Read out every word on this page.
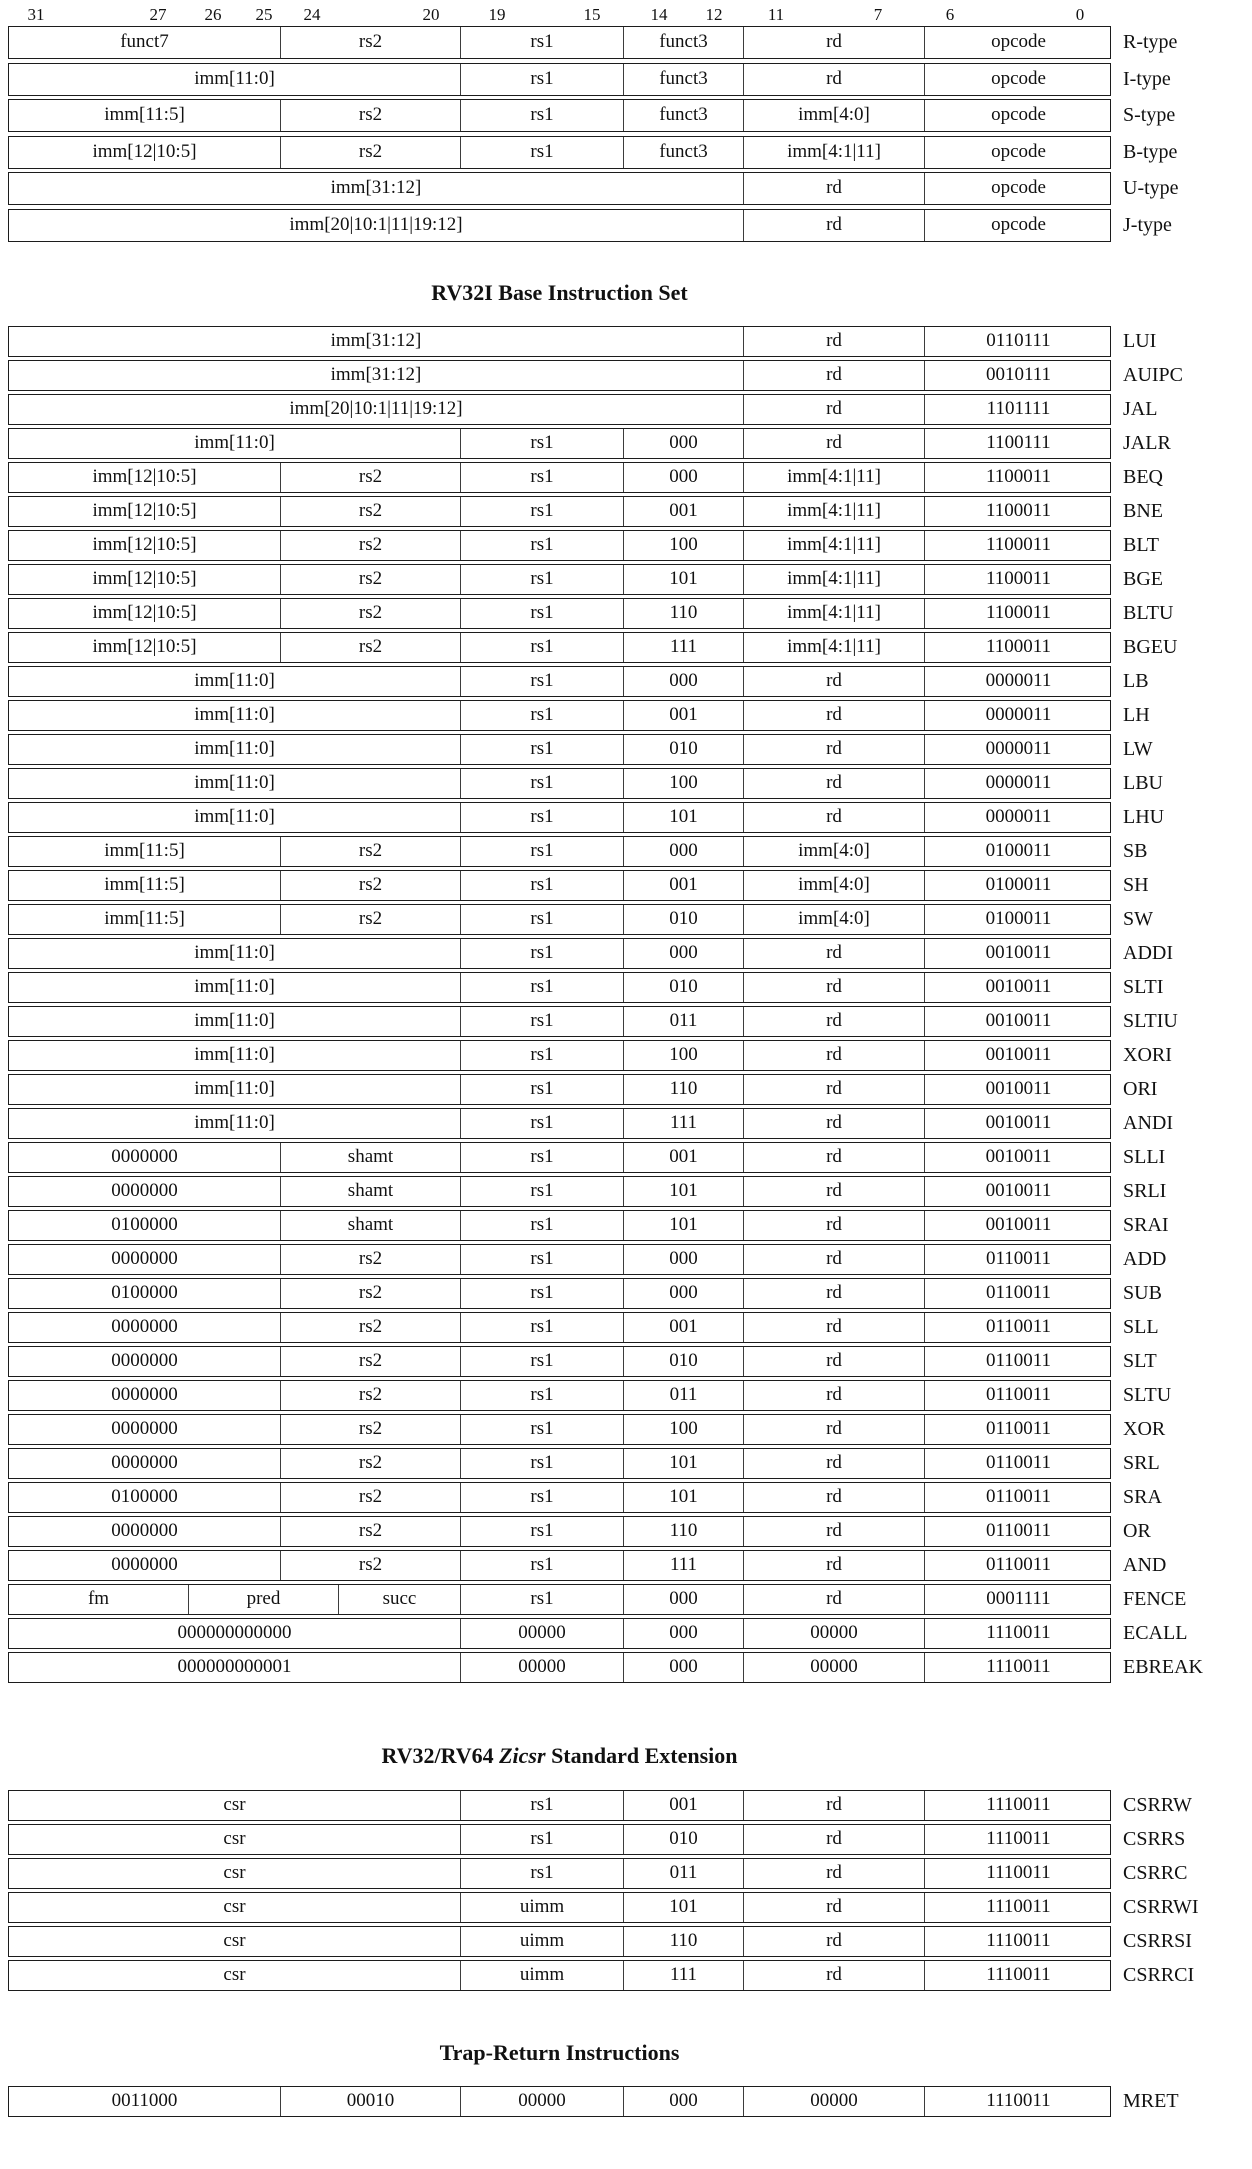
31	27 26 25 24	20	19	15	14 12	11	7	6	0
funct7	rs2	rs1	funct3	rd	opcode	R-type
imm[11:0]	rs1	funct3	rd	opcode	I-type
imm[11:5]	rs2	rs1	funct3	imm[4:0]	opcode	S-type
imm[12|10:5]	rs2	rs1	funct3	imm[4:1|11]	opcode	B-type
imm[31:12]	rd	opcode	U-type
imm[20|10:1|11|19:12]	rd	opcode	J-type
RV32I Base Instruction Set
imm[31:12]	rd	0110111	LUI
imm[31:12]	rd	0010111	AUIPC
imm[20|10:1|11|19:12]	rd	1101111	JAL
imm[11:0]	rs1	000	rd	1100111	JALR
imm[12|10:5]	rs2	rs1	000	imm[4:1|11]	1100011	BEQ
imm[12|10:5]	rs2	rs1	001	imm[4:1|11]	1100011	BNE
imm[12|10:5]	rs2	rs1	100	imm[4:1|11]	1100011	BLT
imm[12|10:5]	rs2	rs1	101	imm[4:1|11]	1100011	BGE
imm[12|10:5]	rs2	rs1	110	imm[4:1|11]	1100011	BLTU
imm[12|10:5]	rs2	rs1	111	imm[4:1|11]	1100011	BGEU
imm[11:0]	rs1	000	rd	0000011	LB
imm[11:0]	rs1	001	rd	0000011	LH
imm[11:0]	rs1	010	rd	0000011	LW
imm[11:0]	rs1	100	rd	0000011	LBU
imm[11:0]	rs1	101	rd	0000011	LHU
imm[11:5]	rs2	rs1	000	imm[4:0]	0100011	SB
imm[11:5]	rs2	rs1	001	imm[4:0]	0100011	SH
imm[11:5]	rs2	rs1	010	imm[4:0]	0100011	SW
imm[11:0]	rs1	000	rd	0010011	ADDI
imm[11:0]	rs1	010	rd	0010011	SLTI
imm[11:0]	rs1	011	rd	0010011	SLTIU
imm[11:0]	rs1	100	rd	0010011	XORI
imm[11:0]	rs1	110	rd	0010011	ORI
imm[11:0]	rs1	111	rd	0010011	ANDI
0000000	shamt	rs1	001	rd	0010011	SLLI
0000000	shamt	rs1	101	rd	0010011	SRLI
0100000	shamt	rs1	101	rd	0010011	SRAI
0000000	rs2	rs1	000	rd	0110011	ADD
0100000	rs2	rs1	000	rd	0110011	SUB
0000000	rs2	rs1	001	rd	0110011	SLL
0000000	rs2	rs1	010	rd	0110011	SLT
0000000	rs2	rs1	011	rd	0110011	SLTU
0000000	rs2	rs1	100	rd	0110011	XOR
0000000	rs2	rs1	101	rd	0110011	SRL
0100000	rs2	rs1	101	rd	0110011	SRA
0000000	rs2	rs1	110	rd	0110011	OR
0000000	rs2	rs1	111	rd	0110011	AND
fm	pred	succ	rs1	000	rd	0001111	FENCE
000000000000	00000	000	00000	1110011	ECALL
000000000001	00000	000	00000	1110011	EBREAK
RV32/RV64 Zicsr Standard Extension
csr	rs1	001	rd	1110011	CSRRW
csr	rs1	010	rd	1110011	CSRRS
csr	rs1	011	rd	1110011	CSRRC
csr	uimm	101	rd	1110011	CSRRWI
csr	uimm	110	rd	1110011	CSRRSI
csr	uimm	111	rd	1110011	CSRRCI
Trap-Return Instructions
0011000	00010	00000	000	00000	1110011	MRET
